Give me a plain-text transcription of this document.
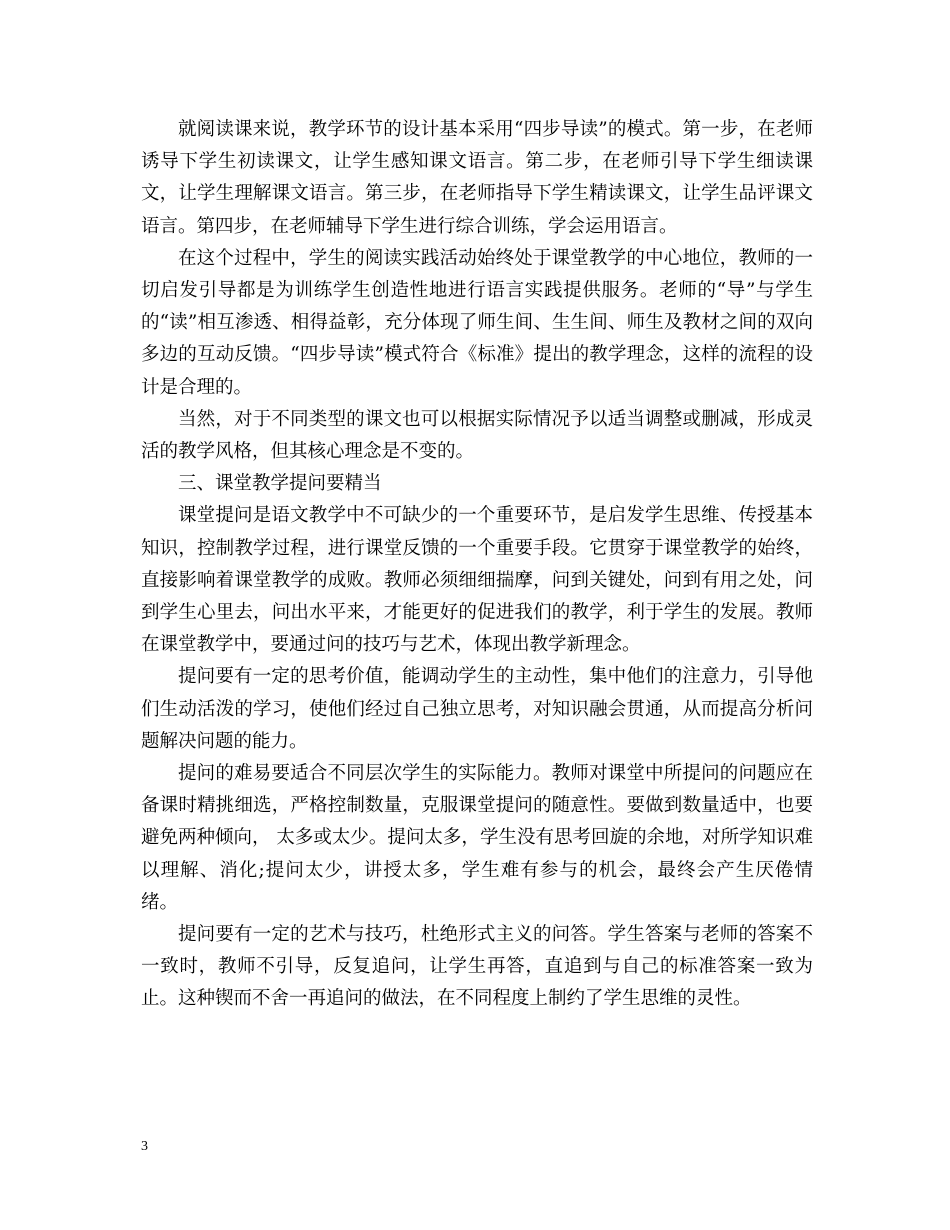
就阅读课来说，教学环节的设计基本采用“四步导读”的模式。第一步，在老师诱导下学生初读课文，让学生感知课文语言。第二步，在老师引导下学生细读课文，让学生理解课文语言。第三步，在老师指导下学生精读课文，让学生品评课文语言。第四步，在老师辅导下学生进行综合训练，学会运用语言。

在这个过程中，学生的阅读实践活动始终处于课堂教学的中心地位，教师的一切启发引导都是为训练学生创造性地进行语言实践提供服务。老师的“导”与学生的“读”相互渗透、相得益彰，充分体现了师生间、生生间、师生及教材之间的双向多边的互动反馈。“四步导读”模式符合《标准》提出的教学理念，这样的流程的设计是合理的。

当然，对于不同类型的课文也可以根据实际情况予以适当调整或删减，形成灵活的教学风格，但其核心理念是不变的。

三、课堂教学提问要精当

课堂提问是语文教学中不可缺少的一个重要环节，是启发学生思维、传授基本知识，控制教学过程，进行课堂反馈的一个重要手段。它贯穿于课堂教学的始终，直接影响着课堂教学的成败。教师必须细细揣摩，问到关键处，问到有用之处，问到学生心里去，问出水平来，才能更好的促进我们的教学，利于学生的发展。教师在课堂教学中，要通过问的技巧与艺术，体现出教学新理念。

提问要有一定的思考价值，能调动学生的主动性，集中他们的注意力，引导他们生动活泼的学习，使他们经过自己独立思考，对知识融会贯通，从而提高分析问题解决问题的能力。

提问的难易要适合不同层次学生的实际能力。教师对课堂中所提问的问题应在备课时精挑细选，严格控制数量，克服课堂提问的随意性。要做到数量适中，也要避免两种倾向， 太多或太少。提问太多，学生没有思考回旋的余地，对所学知识难以理解、消化;提问太少，讲授太多，学生难有参与的机会，最终会产生厌倦情绪。

提问要有一定的艺术与技巧，杜绝形式主义的问答。学生答案与老师的答案不一致时，教师不引导，反复追问，让学生再答，直追到与自己的标准答案一致为止。这种锲而不舍一再追问的做法，在不同程度上制约了学生思维的灵性。

3
